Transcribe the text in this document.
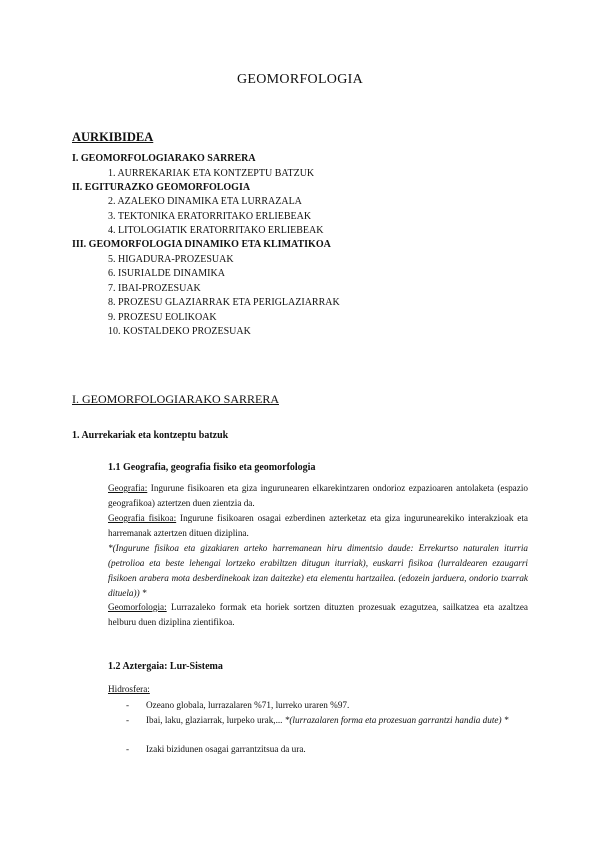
GEOMORFOLOGIA
AURKIBIDEA
I. GEOMORFOLOGIARAKO SARRERA
1. AURREKARIAK ETA KONTZEPTU BATZUK
II. EGITURAZKO GEOMORFOLOGIA
2. AZALEKO DINAMIKA ETA LURRAZALA
3. TEKTONIKA ERATORRITAKO ERLIEBEAK
4. LITOLOGIATIK ERATORRITAKO ERLIEBEAK
III. GEOMORFOLOGIA DINAMIKO ETA KLIMATIKOA
5. HIGADURA-PROZESUAK
6. ISURIALDE DINAMIKA
7. IBAI-PROZESUAK
8. PROZESU GLAZIARRAK ETA PERIGLAZIARRAK
9. PROZESU EOLIKOAK
10. KOSTALDEKO PROZESUAK
I. GEOMORFOLOGIARAKO SARRERA
1. Aurrekariak eta kontzeptu batzuk
1.1 Geografia, geografia fisiko eta geomorfologia
Geografia: Ingurune fisikoaren eta giza ingurunearen elkarekintzaren ondorioz ezpazioaren antolaketa (espazio geografikoa) aztertzen duen zientzia da.
Geografia fisikoa: Ingurune fisikoaren osagai ezberdinen azterketaz eta giza ingurunearekiko interakzioak eta harremanak aztertzen dituen diziplina.
*(Ingurune fisikoa eta gizakiaren arteko harremanean hiru dimentsio daude: Errekurtso naturalen iturria (petrolioa eta beste lehengai lortzeko erabiltzen ditugun iturriak), euskarri fisikoa (lurraldearen ezaugarri fisikoen arabera mota desberdinekoak izan daitezke) eta elementu hartzailea. (edozein jarduera, ondorio txarrak dituela)) *
Geomorfologia: Lurrazaleko formak eta horiek sortzen dituzten prozesuak ezagutzea, sailkatzea eta azaltzea helburu duen diziplina zientifikoa.
1.2 Aztergaia: Lur-Sistema
Hidrosfera:
- Ozeano globala, lurrazalaren %71, lurreko uraren %97.
- Ibai, laku, glaziarrak, lurpeko urak,... *(lurrazalaren forma eta prozesuan garrantzi handia dute) *
- Izaki bizidunen osagai garrantzitsua da ura.
